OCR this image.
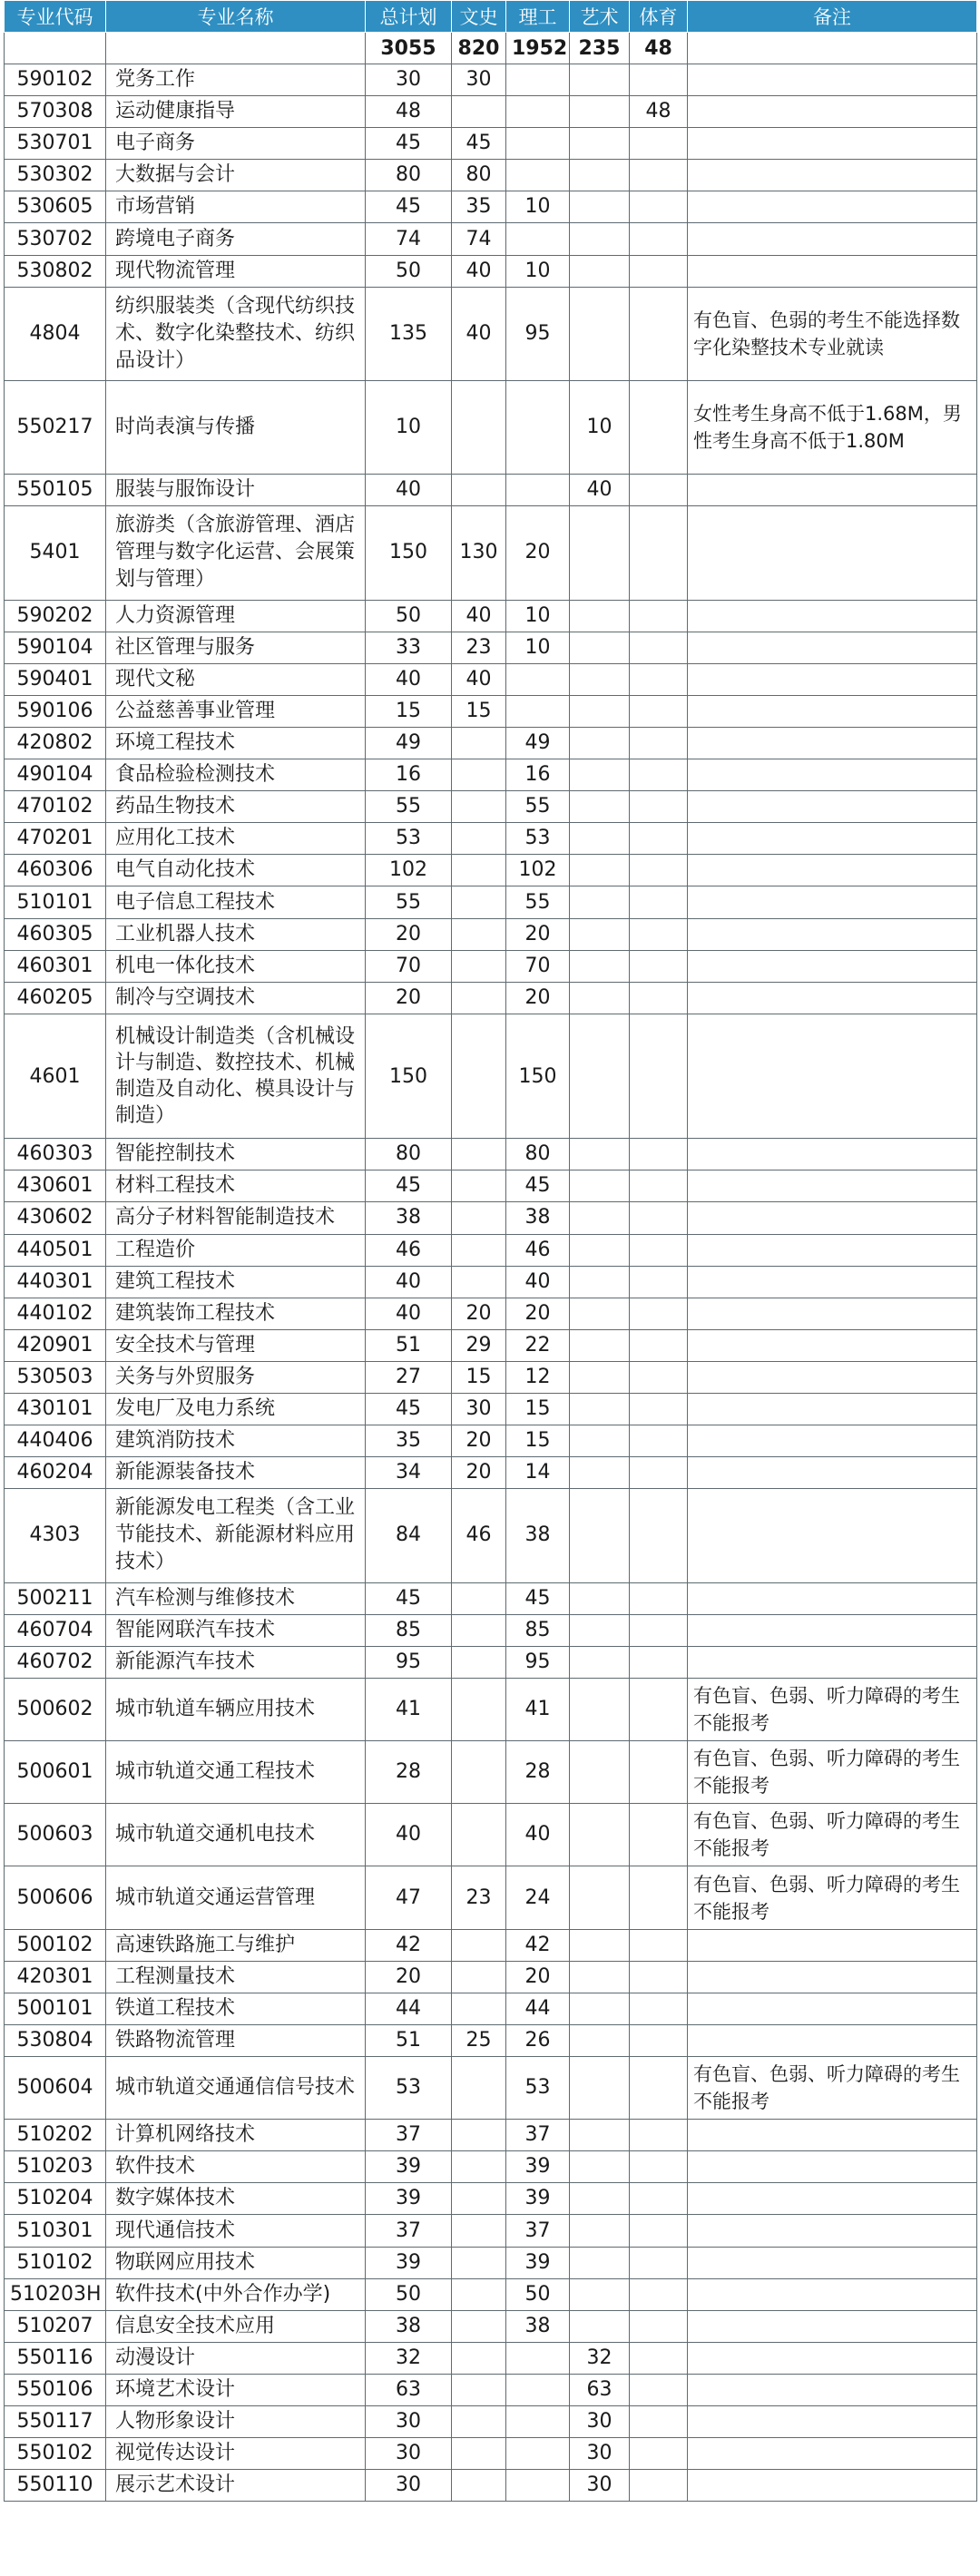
专业代码	专业名称	总计划	文史	理工	艺术	体育	备注
		3055	820	1952	235	48	
590102	党务工作	30	30				
570308	运动健康指导	48				48	
530701	电子商务	45	45				
530302	大数据与会计	80	80				
530605	市场营销	45	35	10			
530702	跨境电子商务	74	74				
530802	现代物流管理	50	40	10			
4804	纺织服装类（含现代纺织技术、数字化染整技术、纺织品设计）	135	40	95			有色盲、色弱的考生不能选择数字化染整技术专业就读
550217	时尚表演与传播	10			10		女性考生身高不低于1.68M，男性考生身高不低于1.80M
550105	服装与服饰设计	40			40		
5401	旅游类（含旅游管理、酒店管理与数字化运营、会展策划与管理）	150	130	20			
590202	人力资源管理	50	40	10			
590104	社区管理与服务	33	23	10			
590401	现代文秘	40	40				
590106	公益慈善事业管理	15	15				
420802	环境工程技术	49		49			
490104	食品检验检测技术	16		16			
470102	药品生物技术	55		55			
470201	应用化工技术	53		53			
460306	电气自动化技术	102		102			
510101	电子信息工程技术	55		55			
460305	工业机器人技术	20		20			
460301	机电一体化技术	70		70			
460205	制冷与空调技术	20		20			
4601	机械设计制造类（含机械设计与制造、数控技术、机械制造及自动化、模具设计与制造）	150		150			
460303	智能控制技术	80		80			
430601	材料工程技术	45		45			
430602	高分子材料智能制造技术	38		38			
440501	工程造价	46		46			
440301	建筑工程技术	40		40			
440102	建筑装饰工程技术	40	20	20			
420901	安全技术与管理	51	29	22			
530503	关务与外贸服务	27	15	12			
430101	发电厂及电力系统	45	30	15			
440406	建筑消防技术	35	20	15			
460204	新能源装备技术	34	20	14			
4303	新能源发电工程类（含工业节能技术、新能源材料应用技术）	84	46	38			
500211	汽车检测与维修技术	45		45			
460704	智能网联汽车技术	85		85			
460702	新能源汽车技术	95		95			
500602	城市轨道车辆应用技术	41		41			有色盲、色弱、听力障碍的考生不能报考
500601	城市轨道交通工程技术	28		28			有色盲、色弱、听力障碍的考生不能报考
500603	城市轨道交通机电技术	40		40			有色盲、色弱、听力障碍的考生不能报考
500606	城市轨道交通运营管理	47	23	24			有色盲、色弱、听力障碍的考生不能报考
500102	高速铁路施工与维护	42		42			
420301	工程测量技术	20		20			
500101	铁道工程技术	44		44			
530804	铁路物流管理	51	25	26			
500604	城市轨道交通通信信号技术	53		53			有色盲、色弱、听力障碍的考生不能报考
510202	计算机网络技术	37		37			
510203	软件技术	39		39			
510204	数字媒体技术	39		39			
510301	现代通信技术	37		37			
510102	物联网应用技术	39		39			
510203H	软件技术(中外合作办学)	50		50			
510207	信息安全技术应用	38		38			
550116	动漫设计	32			32		
550106	环境艺术设计	63			63		
550117	人物形象设计	30			30		
550102	视觉传达设计	30			30		
550110	展示艺术设计	30			30		
